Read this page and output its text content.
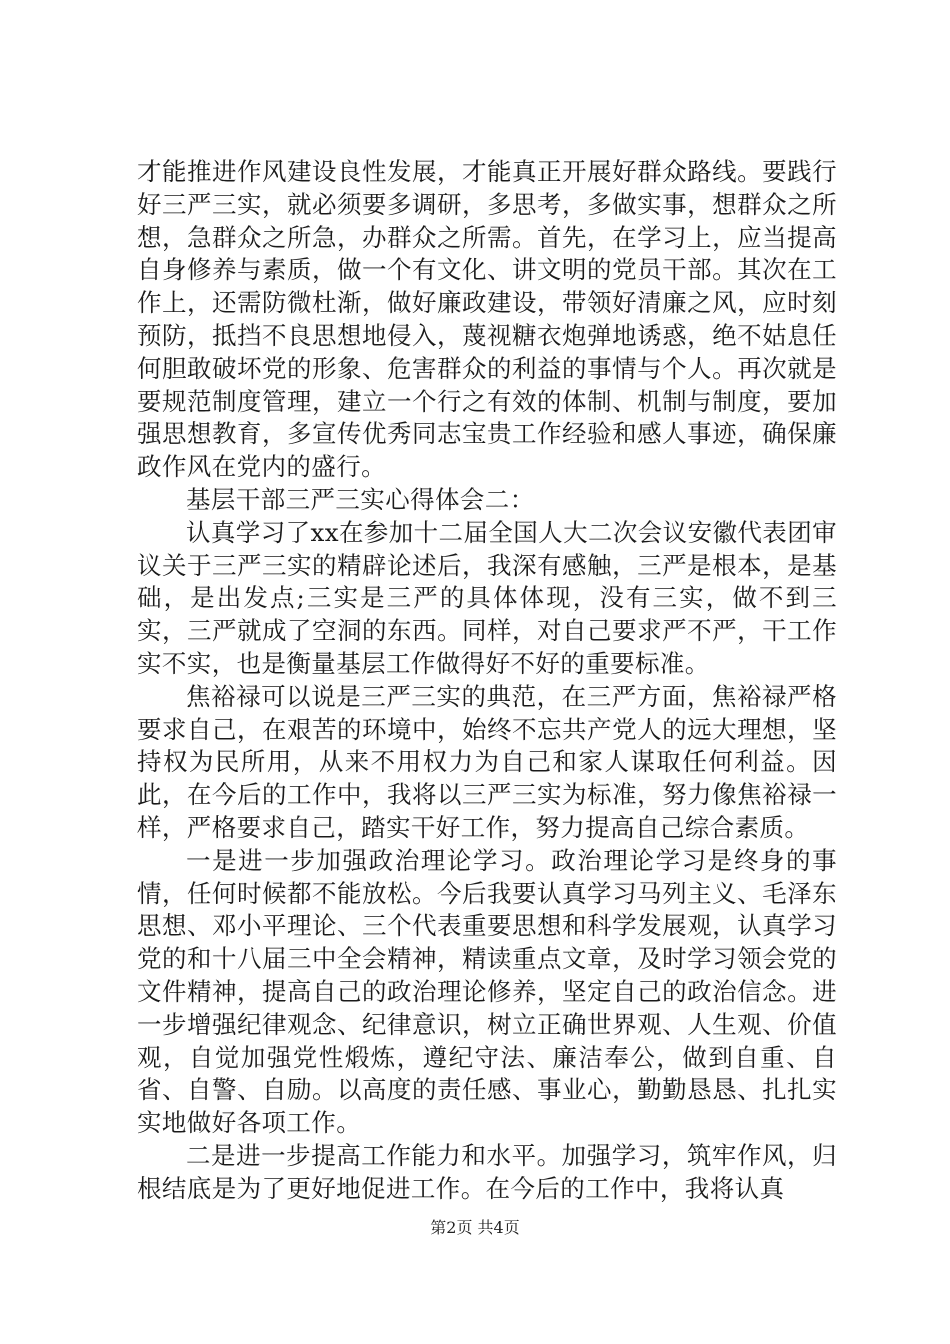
才能推进作风建设良性发展，才能真正开展好群众路线。要践行好三严三实，就必须要多调研，多思考，多做实事，想群众之所想，急群众之所急，办群众之所需。首先，在学习上，应当提高自身修养与素质，做一个有文化、讲文明的党员干部。其次在工作上，还需防微杜渐，做好廉政建设，带领好清廉之风，应时刻预防，抵挡不良思想地侵入，蔑视糖衣炮弹地诱惑，绝不姑息任何胆敢破坏党的形象、危害群众的利益的事情与个人。再次就是要规范制度管理，建立一个行之有效的体制、机制与制度，要加强思想教育，多宣传优秀同志宝贵工作经验和感人事迹，确保廉政作风在党内的盛行。

基层干部三严三实心得体会二：

认真学习了xx在参加十二届全国人大二次会议安徽代表团审议关于三严三实的精辟论述后，我深有感触，三严是根本，是基础，是出发点;三实是三严的具体体现，没有三实，做不到三实，三严就成了空洞的东西。同样，对自己要求严不严，干工作实不实，也是衡量基层工作做得好不好的重要标准。

焦裕禄可以说是三严三实的典范，在三严方面，焦裕禄严格要求自己，在艰苦的环境中，始终不忘共产党人的远大理想，坚持权为民所用，从来不用权力为自己和家人谋取任何利益。因此，在今后的工作中，我将以三严三实为标准，努力像焦裕禄一样，严格要求自己，踏实干好工作，努力提高自己综合素质。

一是进一步加强政治理论学习。政治理论学习是终身的事情，任何时候都不能放松。今后我要认真学习马列主义、毛泽东思想、邓小平理论、三个代表重要思想和科学发展观，认真学习党的和十八届三中全会精神，精读重点文章，及时学习领会党的文件精神，提高自己的政治理论修养，坚定自己的政治信念。进一步增强纪律观念、纪律意识，树立正确世界观、人生观、价值观，自觉加强党性煅炼，遵纪守法、廉洁奉公，做到自重、自省、自警、自励。以高度的责任感、事业心，勤勤恳恳、扎扎实实地做好各项工作。

二是进一步提高工作能力和水平。加强学习，筑牢作风，归根结底是为了更好地促进工作。在今后的工作中，我将认真

第2页 共4页
